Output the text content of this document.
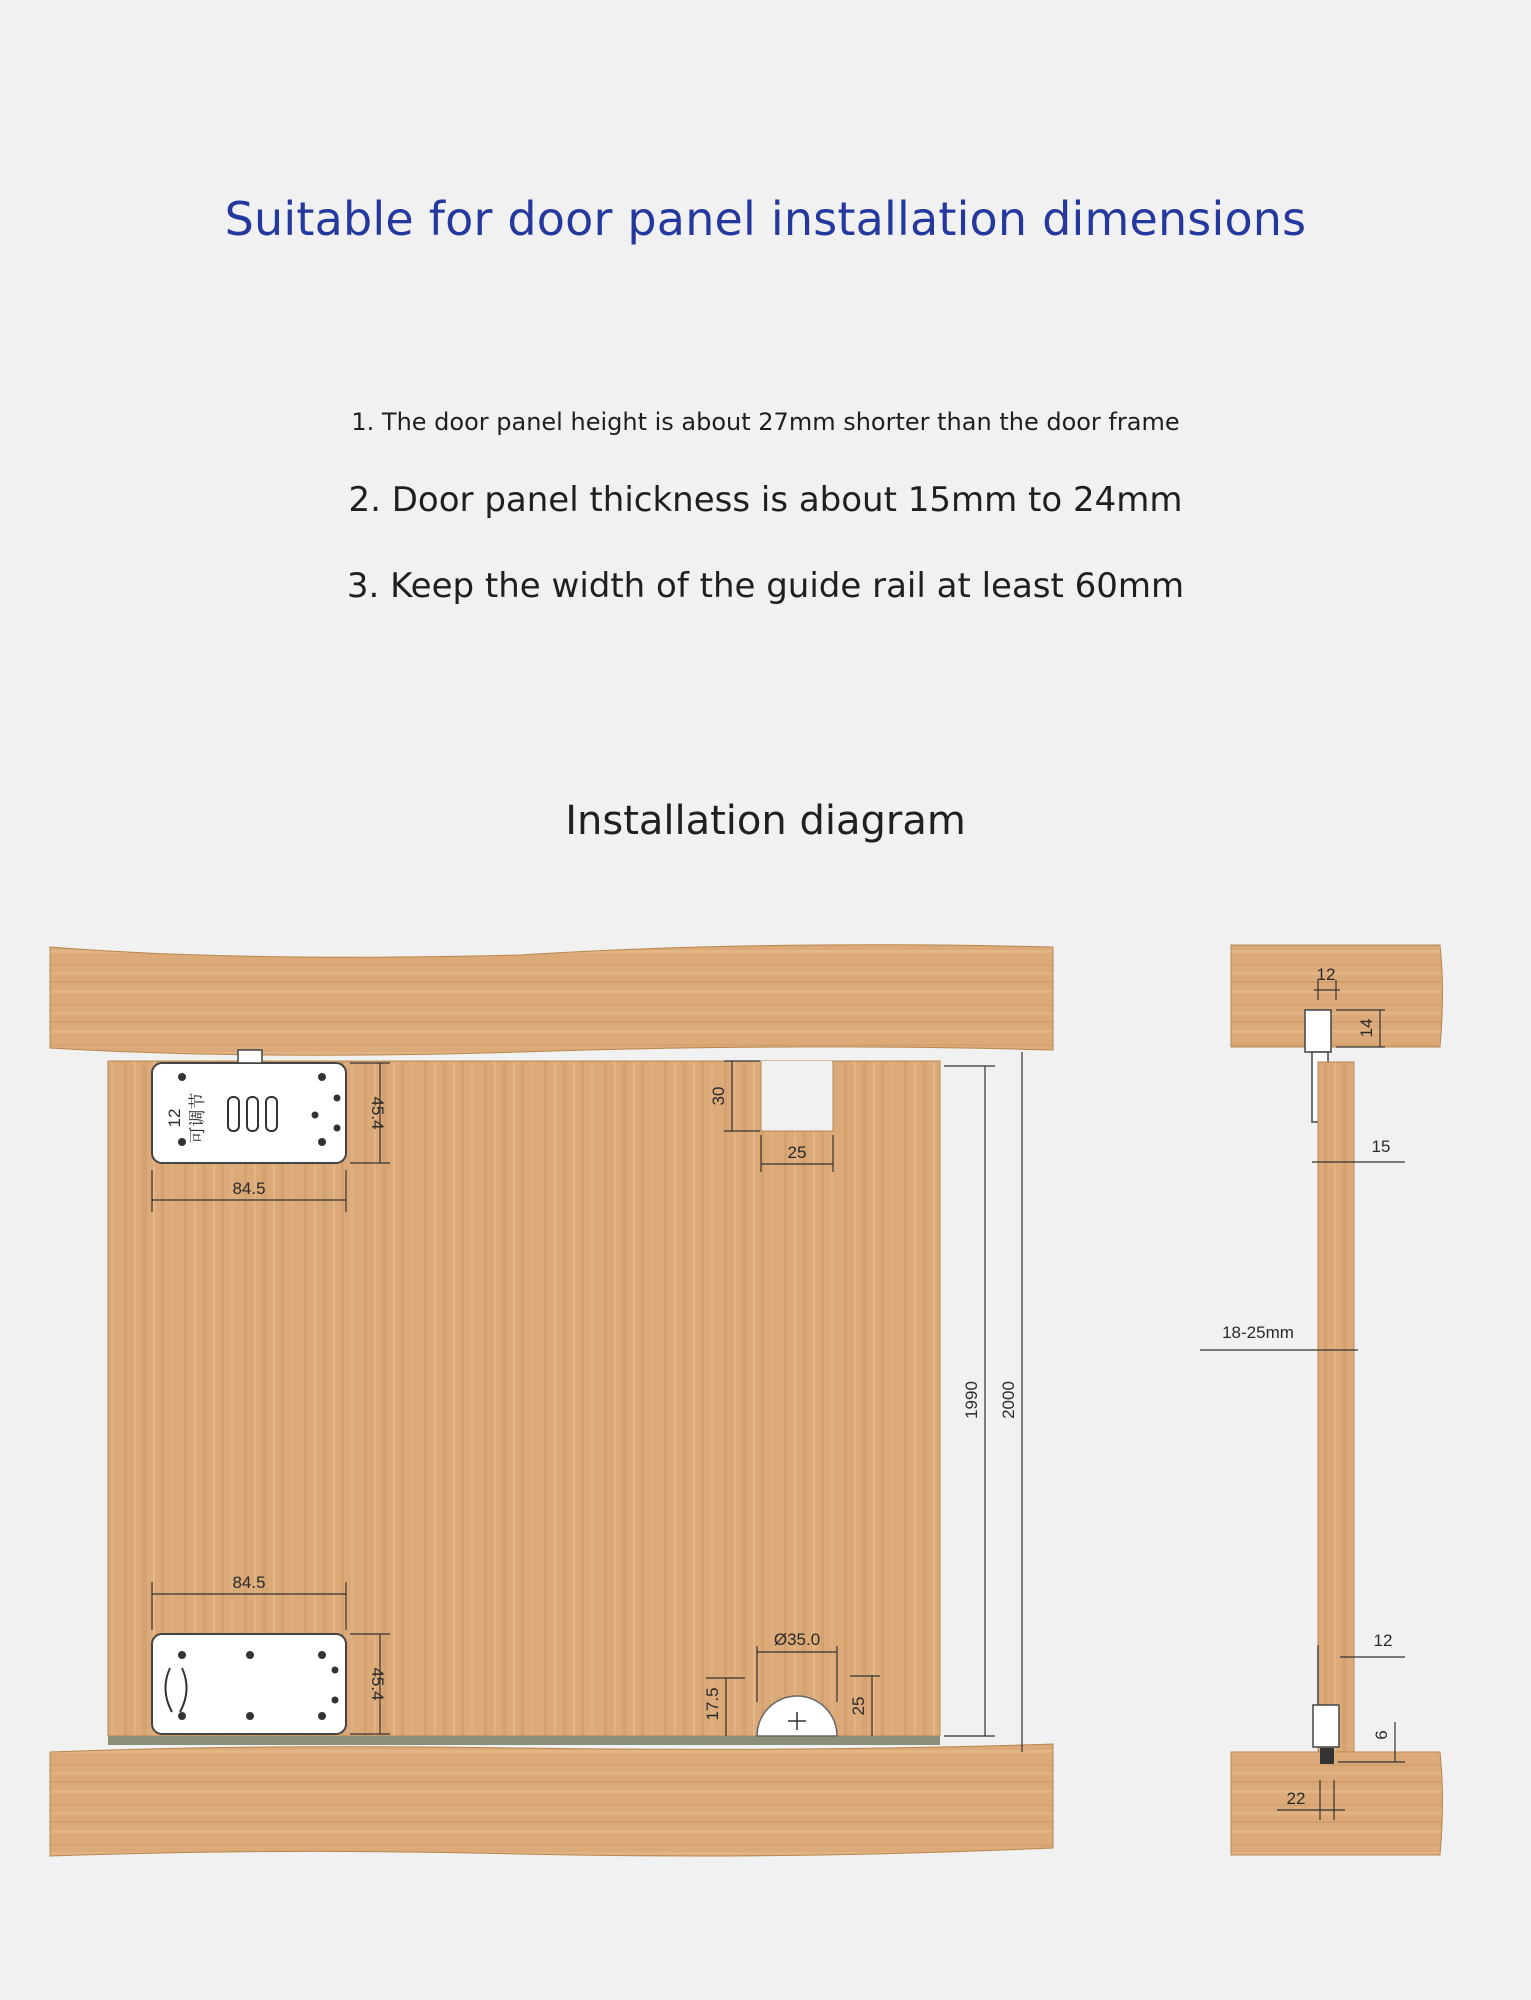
Suitable for door panel installation dimensions
1. The door panel height is about 27mm shorter than the door frame
2. Door panel thickness is about 15mm to 24mm
3. Keep the width of the guide rail at least 60mm
Installation diagram
12 可调节
84.5
45.4
30
25
84.5
45.4
Ø35.0
17.5	25
1990 2000
12
14
15
18-25mm
12
6
22
